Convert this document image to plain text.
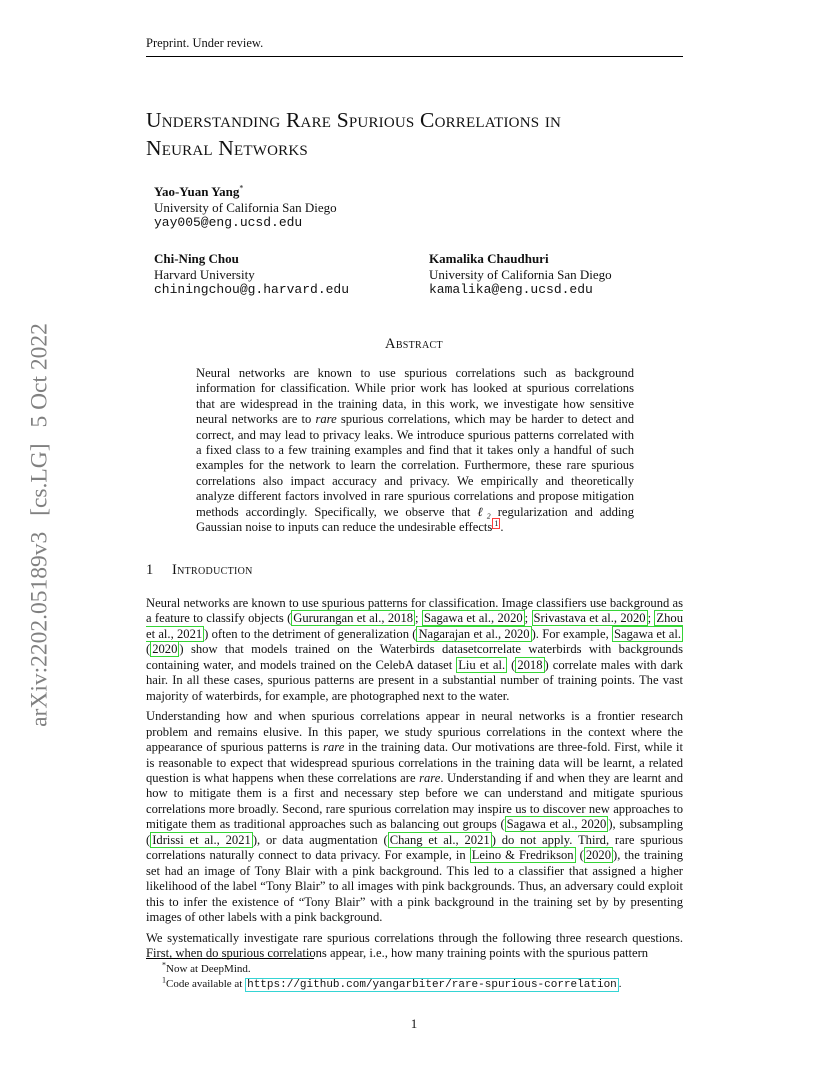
Preprint. Under review.
arXiv:2202.05189v3 [cs.LG] 5 Oct 2022
Understanding Rare Spurious Correlations in
Neural Networks
Yao-Yuan Yang*
University of California San Diego
yay005@eng.ucsd.edu
Chi-Ning Chou
Harvard University
chiningchou@g.harvard.edu
Kamalika Chaudhuri
University of California San Diego
kamalika@eng.ucsd.edu
Abstract
Neural networks are known to use spurious correlations such as background information for classification. While prior work has looked at spurious correlations that are widespread in the training data, in this work, we investigate how sensitive neural networks are to rare spurious correlations, which may be harder to detect and correct, and may lead to privacy leaks. We introduce spurious patterns correlated with a fixed class to a few training examples and find that it takes only a handful of such examples for the network to learn the correlation. Furthermore, these rare spurious correlations also impact accuracy and privacy. We empirically and theoretically analyze different factors involved in rare spurious correlations and propose mitigation methods accordingly. Specifically, we observe that ℓ₂ regularization and adding Gaussian noise to inputs can reduce the undesirable effects $^1$ .
1 Introduction

Neural networks are known to use spurious patterns for classification. Image classifiers use background as a feature to classify objects ( Gururangan et al., 2018 ; Sagawa et al., 2020 ; Srivastava et al., 2020 ; Zhou et al., 2021 ) often to the detriment of generalization ( Nagarajan et al., 2020 ). For example, Sagawa et al. ( 2020 ) show that models trained on the Waterbirds datasetcorrelate waterbirds with backgrounds containing water, and models trained on the CelebA dataset Liu et al. ( 2018 ) correlate males with dark hair. In all these cases, spurious patterns are present in a substantial number of training points. The vast majority of waterbirds, for example, are photographed next to the water.

Understanding how and when spurious correlations appear in neural networks is a frontier research problem and remains elusive. In this paper, we study spurious correlations in the context where the appearance of spurious patterns is rare in the training data. Our motivations are three-fold. First, while it is reasonable to expect that widespread spurious correlations in the training data will be learnt, a related question is what happens when these correlations are rare. Understanding if and when they are learnt and how to mitigate them is a first and necessary step before we can understand and mitigate spurious correlations more broadly. Second, rare spurious correlation may inspire us to discover new approaches to mitigate them as traditional approaches such as balancing out groups ( Sagawa et al., 2020 ), subsampling ( Idrissi et al., 2021 ), or data augmentation ( Chang et al., 2021 ) do not apply. Third, rare spurious correlations naturally connect to data privacy. For example, in Leino & Fredrikson ( 2020 ), the training set had an image of Tony Blair with a pink background. This led to a classifier that assigned a higher likelihood of the label “Tony Blair” to all images with pink backgrounds. Thus, an adversary could exploit this to infer the existence of “Tony Blair” with a pink background in the training set by by presenting images of other labels with a pink background.

We systematically investigate rare spurious correlations through the following three research questions. First, when do spurious correlations appear, i.e., how many training points with the spurious pattern

*Now at DeepMind.
$^1$Code available at https://github.com/yangarbiter/rare-spurious-correlation .
1
